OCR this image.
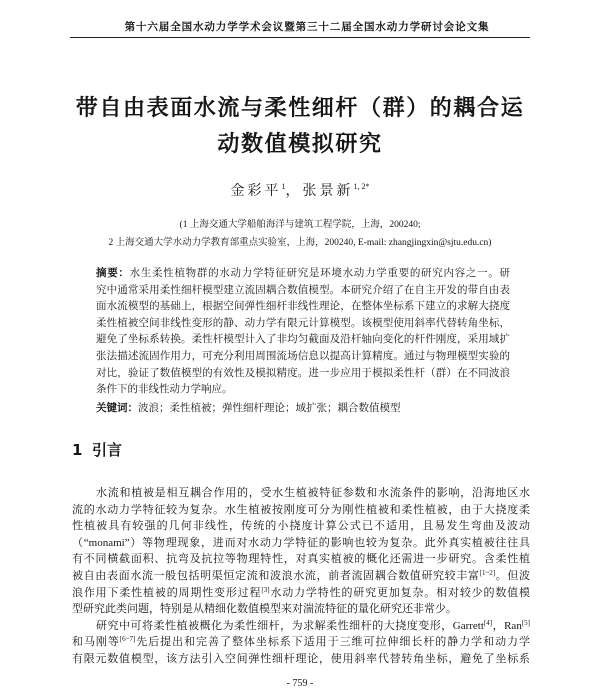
第十六届全国水动力学学术会议暨第三十二届全国水动力学研讨会论文集
带自由表面水流与柔性细杆（群）的耦合运
动数值模拟研究
金彩平$^1$，张景新$^{1, 2*}$
(1 上海交通大学船舶海洋与建筑工程学院，上海，200240;
2 上海交通大学水动力学教育部重点实验室，上海，200240, E-mail: zhangjingxin@sjtu.edu.cn)
摘要：水生柔性植物群的水动力学特征研究是环境水动力学重要的研究内容之一。研
究中通常采用柔性细杆模型建立流固耦合数值模型。本研究介绍了在自主开发的带自由表
面水流模型的基础上，根据空间弹性细杆非线性理论，在整体坐标系下建立的求解大挠度
柔性植被空间非线性变形的静、动力学有限元计算模型。该模型使用斜率代替转角坐标，
避免了坐标系转换。柔性杆模型计入了非均匀截面及沿杆轴向变化的杆件刚度，采用域扩
张法描述流固作用力，可充分利用周围流场信息以提高计算精度。通过与物理模型实验的
对比，验证了数值模型的有效性及模拟精度。进一步应用于模拟柔性杆（群）在不同波浪
条件下的非线性动力学响应。
关键词：波浪；柔性植被；弹性细杆理论；域扩张；耦合数值模型
1 引言
水流和植被是相互耦合作用的，受水生植被特征参数和水流条件的影响，沿海地区水
流的水动力学特征较为复杂。水生植被按刚度可分为刚性植被和柔性植被，由于大挠度柔
性植被具有较强的几何非线性，传统的小挠度计算公式已不适用，且易发生弯曲及波动
（“monami”）等物理现象，进而对水动力学特征的影响也较为复杂。此外真实植被往往具
有不同横截面积、抗弯及抗拉等物理特性，对真实植被的概化还需进一步研究。含柔性植
被自由表面水流一般包括明渠恒定流和波浪水流，前者流固耦合数值研究较丰富[1~2]。但波
浪作用下柔性植被的周期性变形过程[3]水动力学特性的研究更加复杂。相对较少的数值模
型研究此类问题，特别是从精细化数值模型来对湍流特征的量化研究还非常少。
研究中可将柔性植被概化为柔性细杆，为求解柔性细杆的大挠度变形，Garrett[4]，Ran[5]
和马刚等[6~7]先后提出和完善了整体坐标系下适用于三维可拉伸细长杆的静力学和动力学
有限元数值模型，该方法引入空间弹性细杆理论，使用斜率代替转角坐标，避免了坐标系
- 759 -
